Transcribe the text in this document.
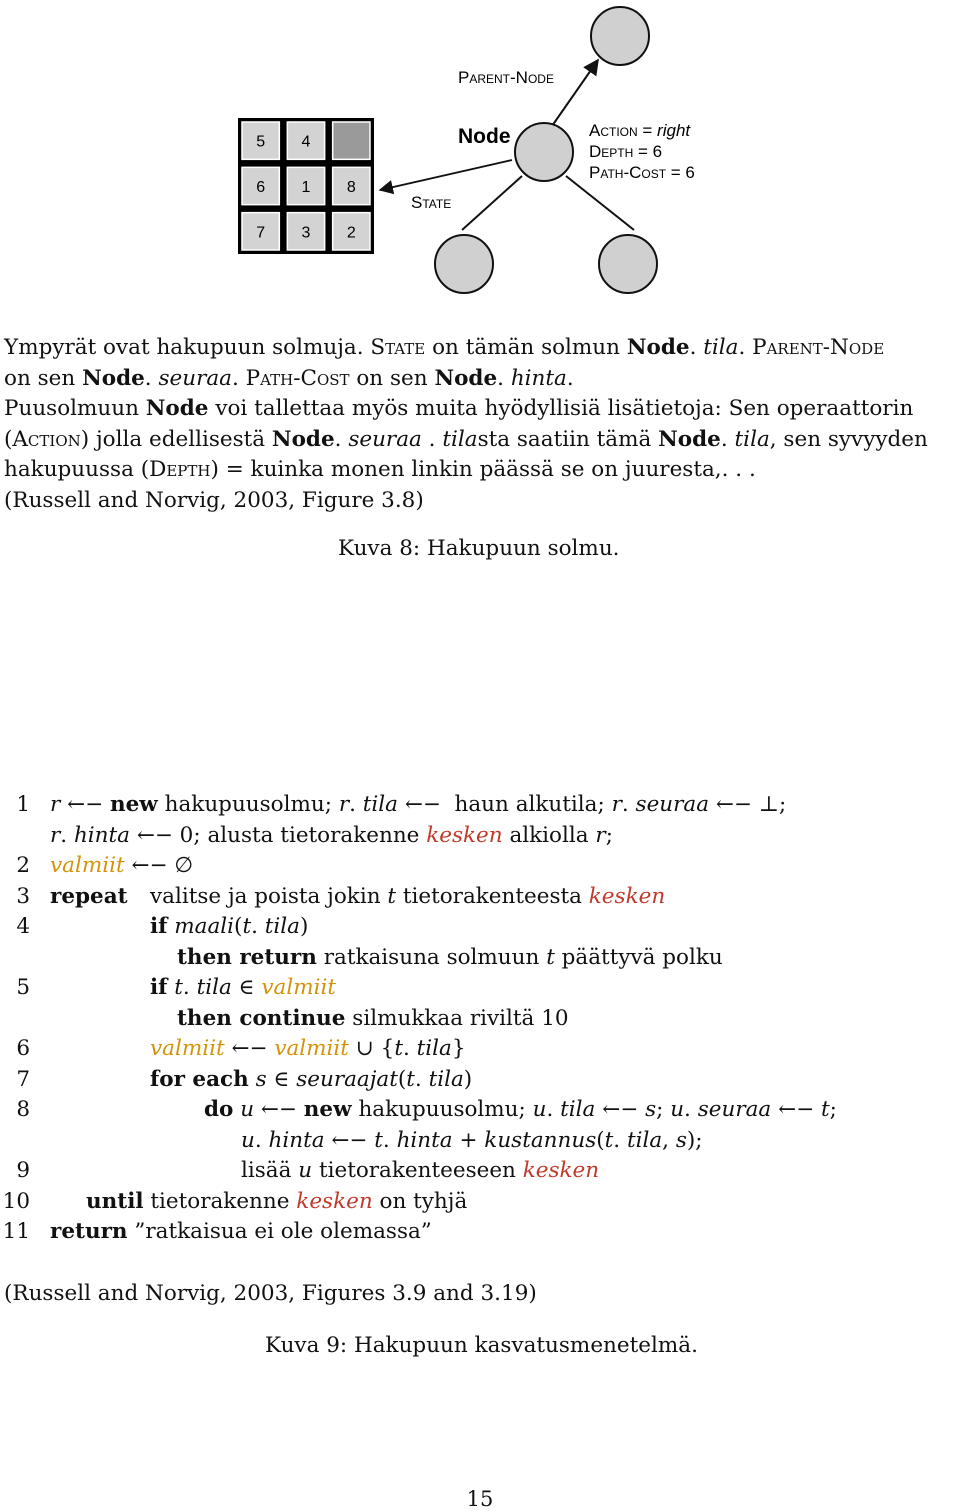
5 4
6 1 8
7 3 2
Parent-Node
Node
State
Action = right
Depth = 6
Path-Cost = 6
Ympyrät ovat hakupuun solmuja. State on tämän solmun Node. tila. Parent-Node
on sen Node. seuraa. Path-Cost on sen Node. hinta.
Puusolmuun Node voi tallettaa myös muita hyödyllisiä lisätietoja: Sen operaattorin
(Action) jolla edellisestä Node. seuraa . tilasta saatiin tämä Node. tila, sen syvyyden
hakupuussa (Depth) = kuinka monen linkin päässä se on juuresta,. . .
(Russell and Norvig, 2003, Figure 3.8)
Kuva 8: Hakupuun solmu.
1 r ←− new hakupuusolmu; r. tila ←−  haun alkutila; r. seuraa ←− ⊥;
r. hinta ←− 0; alusta tietorakenne kesken alkiolla r;
2 valmiit ←− ∅
3 repeat valitse ja poista jokin t tietorakenteesta kesken
4	if maali(t. tila)
then return ratkaisuna solmuun t päättyvä polku
5	if t. tila ∈ valmiit
then continue silmukkaa riviltä 10
6	valmiit ←− valmiit ∪ {t. tila}
7	for each s ∈ seuraajat(t. tila)
8	do u ←− new hakupuusolmu; u. tila ←− s; u. seuraa ←− t;
u. hinta ←− t. hinta + kustannus(t. tila, s);
9	lisää u tietorakenteeseen kesken
10	until tietorakenne kesken on tyhjä
11 return ”ratkaisua ei ole olemassa”
(Russell and Norvig, 2003, Figures 3.9 and 3.19)
Kuva 9: Hakupuun kasvatusmenetelmä.
15
